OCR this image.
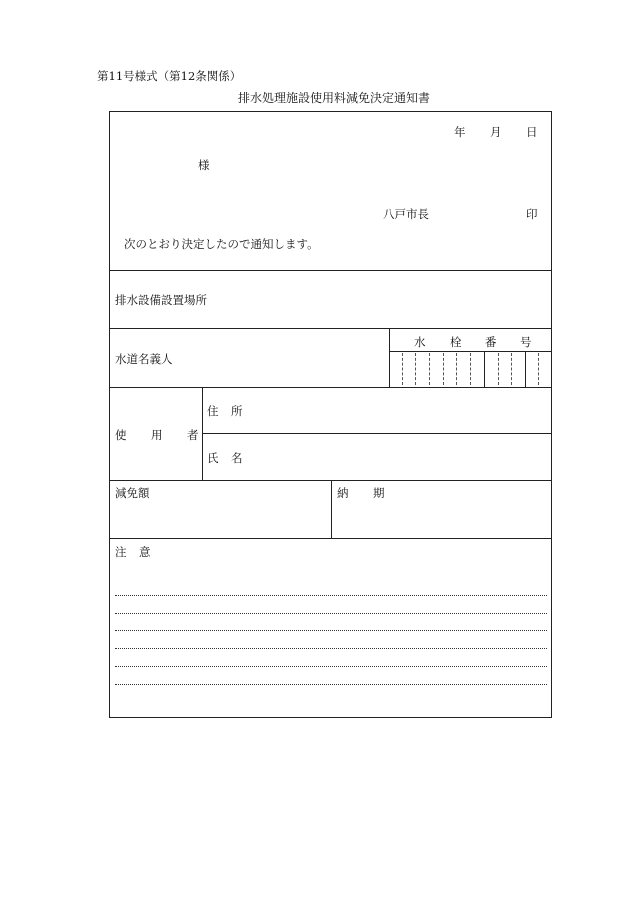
第11号様式（第12条関係）
排水処理施設使用料減免決定通知書
年 月 日
様
八戸市長	印
次のとおり決定したので通知します。
排水設備設置場所
水道名義人
水 栓 番 号
使 用 者
住 所
氏 名
減免額	納 期
注 意
